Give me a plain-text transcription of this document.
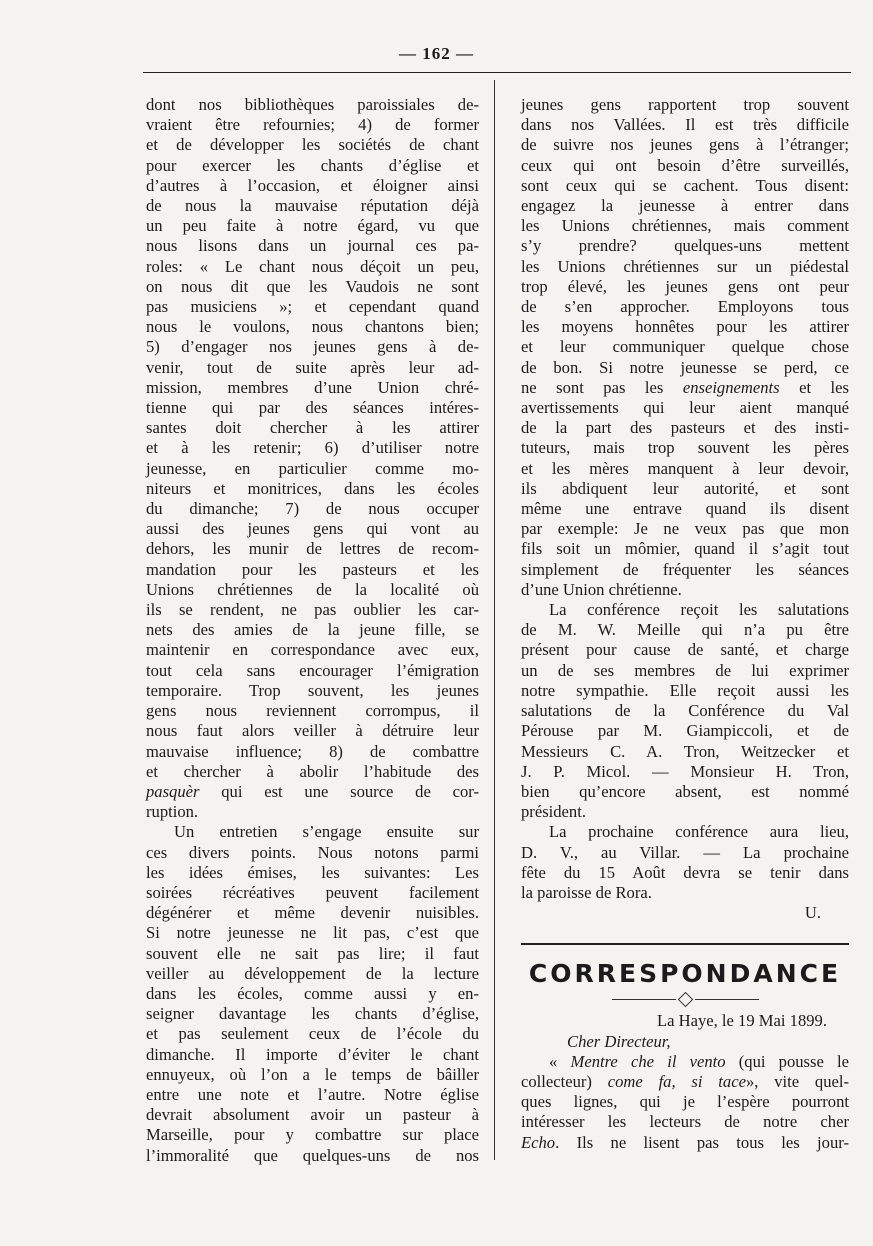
— 162 —
dont nos bibliothèques paroissiales de-
vraient être refournies; 4) de former
et de développer les sociétés de chant
pour exercer les chants d’église et
d’autres à l’occasion, et éloigner ainsi
de nous la mauvaise réputation déjà
un peu faite à notre égard, vu que
nous lisons dans un journal ces pa-
roles: « Le chant nous déçoit un peu,
on nous dit que les Vaudois ne sont
pas musiciens »; et cependant quand
nous le voulons, nous chantons bien;
5) d’engager nos jeunes gens à de-
venir, tout de suite après leur ad-
mission, membres d’une Union chré-
tienne qui par des séances intéres-
santes doit chercher à les attirer
et à les retenir; 6) d’utiliser notre
jeunesse, en particulier comme mo-
niteurs et monitrices, dans les écoles
du dimanche; 7) de nous occuper
aussi des jeunes gens qui vont au
dehors, les munir de lettres de recom-
mandation pour les pasteurs et les
Unions chrétiennes de la localité où
ils se rendent, ne pas oublier les car-
nets des amies de la jeune fille, se
maintenir en correspondance avec eux,
tout cela sans encourager l’émigration
temporaire. Trop souvent, les jeunes
gens nous reviennent corrompus, il
nous faut alors veiller à détruire leur
mauvaise influence; 8) de combattre
et chercher à abolir l’habitude des
pasquèr qui est une source de cor-
ruption.
Un entretien s’engage ensuite sur
ces divers points. Nous notons parmi
les idées émises, les suivantes: Les
soirées récréatives peuvent facilement
dégénérer et même devenir nuisibles.
Si notre jeunesse ne lit pas, c’est que
souvent elle ne sait pas lire; il faut
veiller au développement de la lecture
dans les écoles, comme aussi y en-
seigner davantage les chants d’église,
et pas seulement ceux de l’école du
dimanche. Il importe d’éviter le chant
ennuyeux, où l’on a le temps de bâiller
entre une note et l’autre. Notre église
devrait absolument avoir un pasteur à
Marseille, pour y combattre sur place
l’immoralité que quelques-uns de nos
jeunes gens rapportent trop souvent
dans nos Vallées. Il est très difficile
de suivre nos jeunes gens à l’étranger;
ceux qui ont besoin d’être surveillés,
sont ceux qui se cachent. Tous disent:
engagez la jeunesse à entrer dans
les Unions chrétiennes, mais comment
s’y prendre? quelques-uns mettent
les Unions chrétiennes sur un piédestal
trop élevé, les jeunes gens ont peur
de s’en approcher. Employons tous
les moyens honnêtes pour les attirer
et leur communiquer quelque chose
de bon. Si notre jeunesse se perd, ce
ne sont pas les enseignements et les
avertissements qui leur aient manqué
de la part des pasteurs et des insti-
tuteurs, mais trop souvent les pères
et les mères manquent à leur devoir,
ils abdiquent leur autorité, et sont
même une entrave quand ils disent
par exemple: Je ne veux pas que mon
fils soit un mômier, quand il s’agit tout
simplement de fréquenter les séances
d’une Union chrétienne.
La conférence reçoit les salutations
de M. W. Meille qui n’a pu être
présent pour cause de santé, et charge
un de ses membres de lui exprimer
notre sympathie. Elle reçoit aussi les
salutations de la Conférence du Val
Pérouse par M. Giampiccoli, et de
Messieurs C. A. Tron, Weitzecker et
J. P. Micol. — Monsieur H. Tron,
bien qu’encore absent, est nommé
président.
La prochaine conférence aura lieu,
D. V., au Villar. — La prochaine
fête du 15 Août devra se tenir dans
la paroisse de Rora.
U.
CORRESPONDANCE
La Haye, le 19 Mai 1899.
Cher Directeur,
« Mentre che il vento (qui pousse le
collecteur) come fa, si tace», vite quel-
ques lignes, qui je l’espère pourront
intéresser les lecteurs de notre cher
Echo. Ils ne lisent pas tous les jour-
